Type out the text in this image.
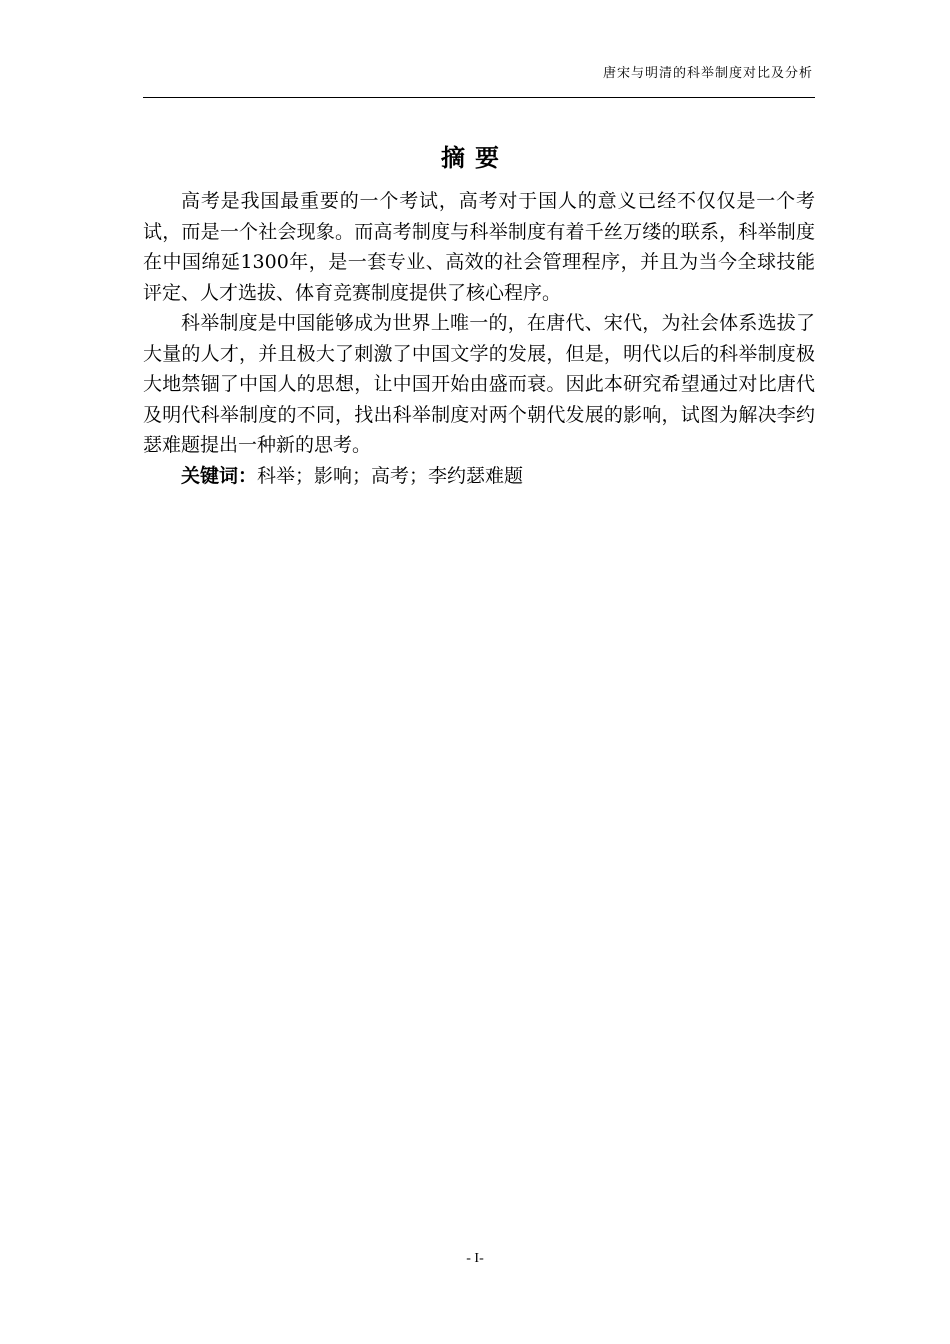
唐宋与明清的科举制度对比及分析
摘要

高考是我国最重要的一个考试，高考对于国人的意义已经不仅仅是一个考试，而是一个社会现象。而高考制度与科举制度有着千丝万缕的联系，科举制度在中国绵延1300年，是一套专业、高效的社会管理程序，并且为当今全球技能评定、人才选拔、体育竞赛制度提供了核心程序。

科举制度是中国能够成为世界上唯一的，在唐代、宋代，为社会体系选拔了大量的人才，并且极大了刺激了中国文学的发展，但是，明代以后的科举制度极大地禁锢了中国人的思想，让中国开始由盛而衰。因此本研究希望通过对比唐代及明代科举制度的不同，找出科举制度对两个朝代发展的影响，试图为解决李约瑟难题提出一种新的思考。

关键词：科举；影响；高考；李约瑟难题

- I-
